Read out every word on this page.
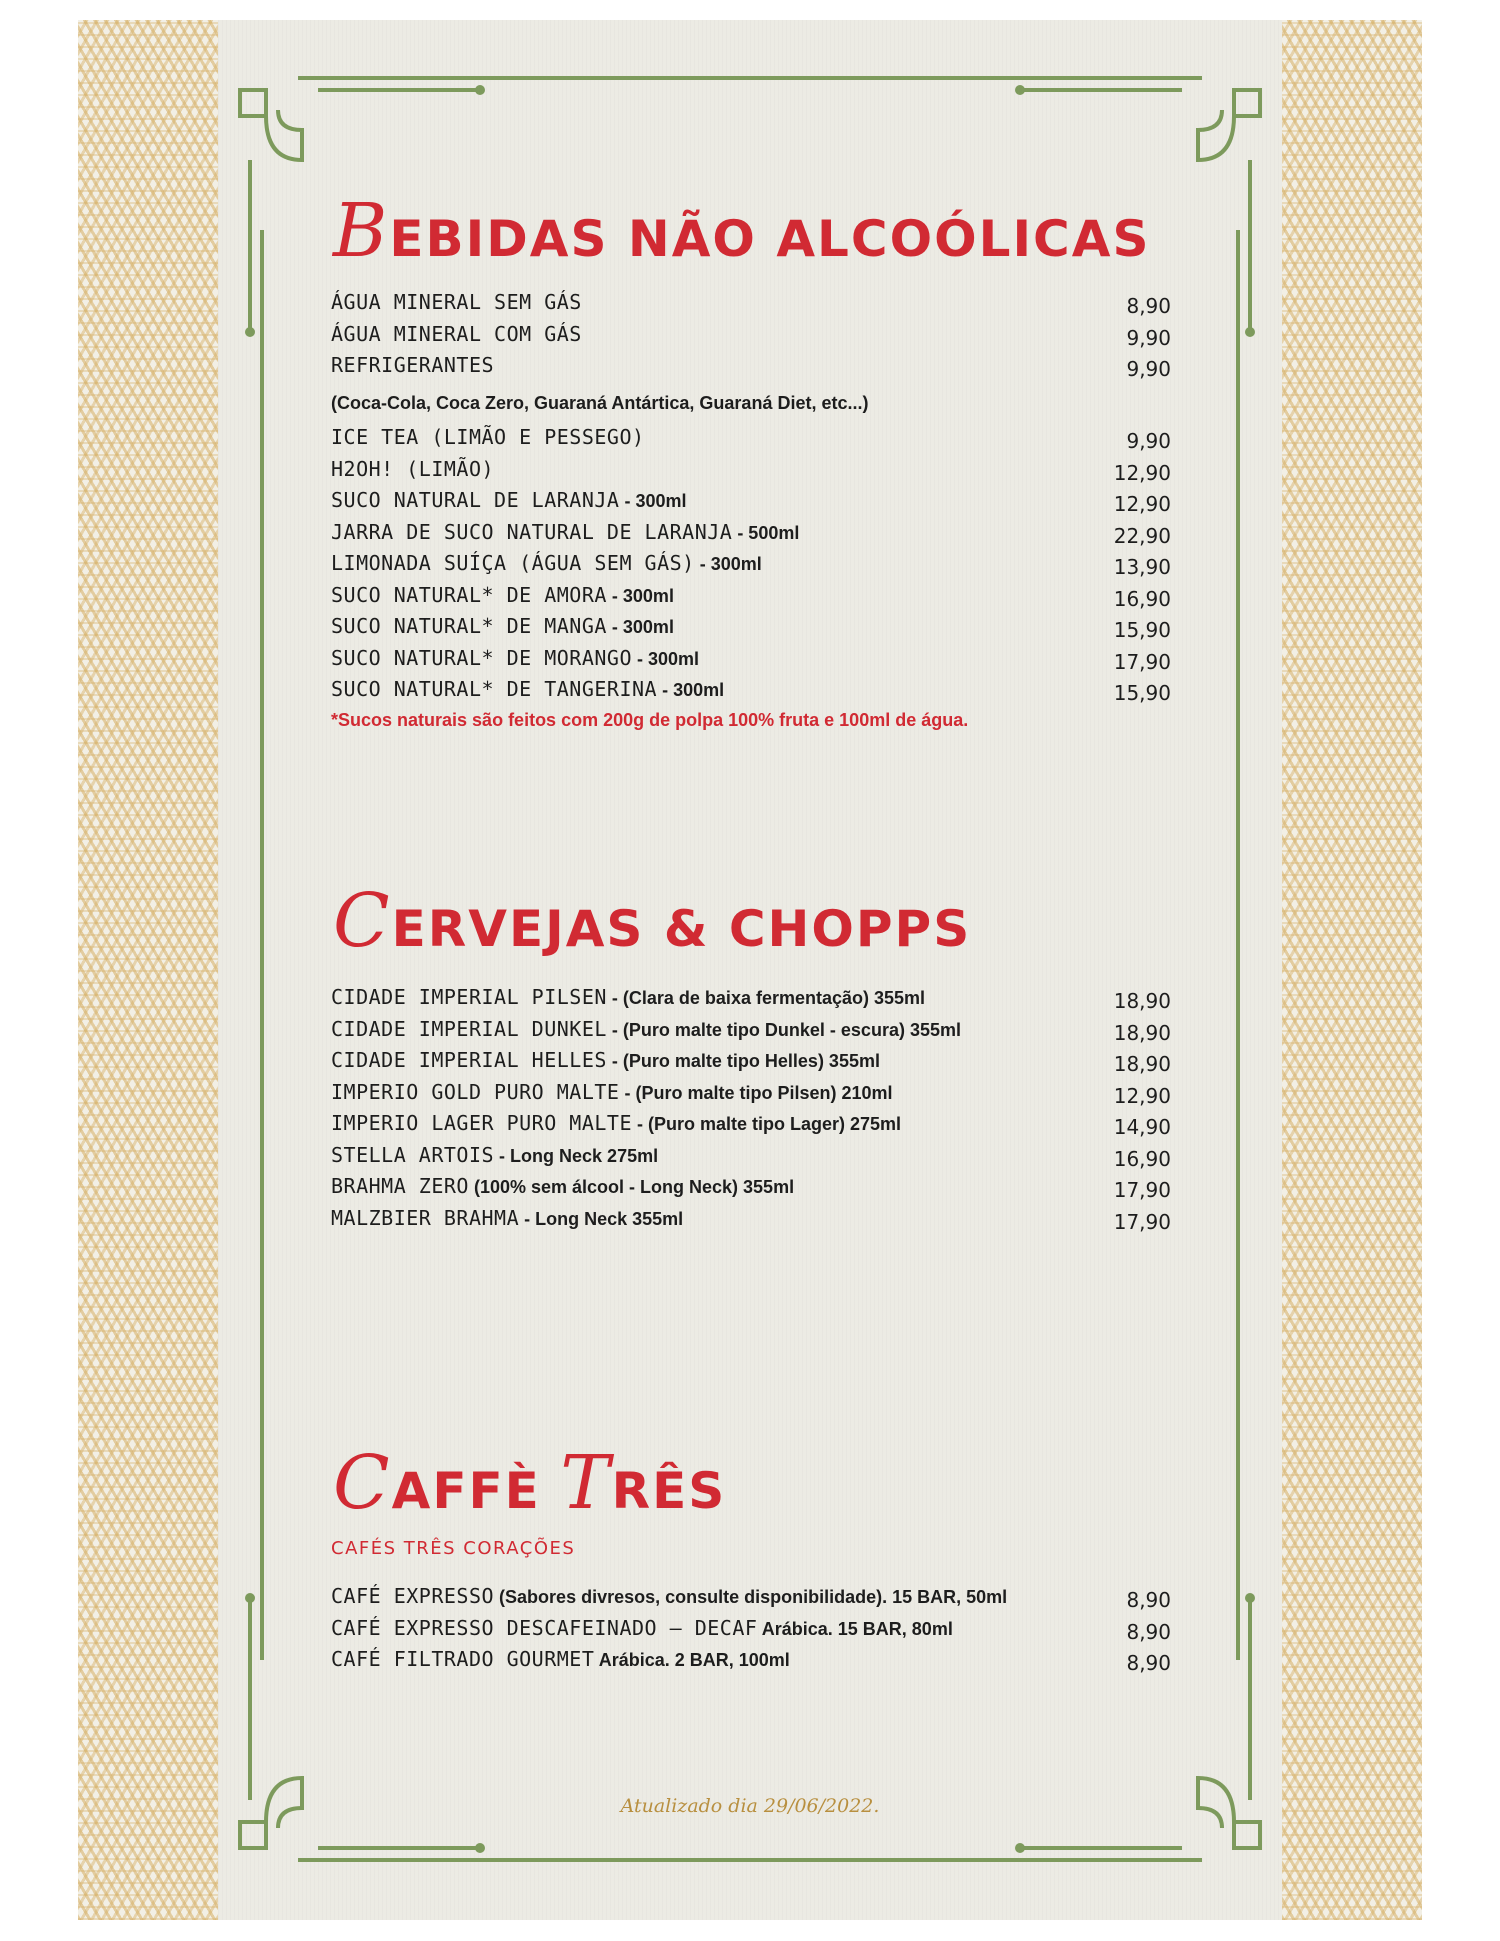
BEBIDAS NÃO ALCOÓLICAS
ÁGUA MINERAL SEM GÁS	8,90
ÁGUA MINERAL COM GÁS	9,90
REFRIGERANTES	9,90
(Coca-Cola, Coca Zero, Guaraná Antártica, Guaraná Diet, etc...)
ICE TEA (LIMÃO E PESSEGO)	9,90
H2OH! (LIMÃO)	12,90
SUCO NATURAL DE LARANJA - 300ml	12,90
JARRA DE SUCO NATURAL DE LARANJA - 500ml	22,90
LIMONADA SUÍÇA (ÁGUA SEM GÁS) - 300ml	13,90
SUCO NATURAL* DE AMORA - 300ml	16,90
SUCO NATURAL* DE MANGA - 300ml	15,90
SUCO NATURAL* DE MORANGO - 300ml	17,90
SUCO NATURAL* DE TANGERINA - 300ml	15,90
*Sucos naturais são feitos com 200g de polpa 100% fruta e 100ml de água.
CERVEJAS & CHOPPS
CIDADE IMPERIAL PILSEN - (Clara de baixa fermentação) 355ml	18,90
CIDADE IMPERIAL DUNKEL - (Puro malte tipo Dunkel - escura) 355ml	18,90
CIDADE IMPERIAL HELLES - (Puro malte tipo Helles) 355ml	18,90
IMPERIO GOLD PURO MALTE - (Puro malte tipo Pilsen) 210ml	12,90
IMPERIO LAGER PURO MALTE - (Puro malte tipo Lager) 275ml	14,90
STELLA ARTOIS - Long Neck 275ml	16,90
BRAHMA ZERO (100% sem álcool - Long Neck) 355ml	17,90
MALZBIER BRAHMA - Long Neck 355ml	17,90
CAFFÈ TRÊS
CAFÉS TRÊS CORAÇÕES
CAFÉ EXPRESSO (Sabores divresos, consulte disponibilidade). 15 BAR, 50ml	8,90
CAFÉ EXPRESSO DESCAFEINADO – DECAF Arábica. 15 BAR, 80ml	8,90
CAFÉ FILTRADO GOURMET Arábica. 2 BAR, 100ml	8,90
Atualizado dia 29/06/2022.
